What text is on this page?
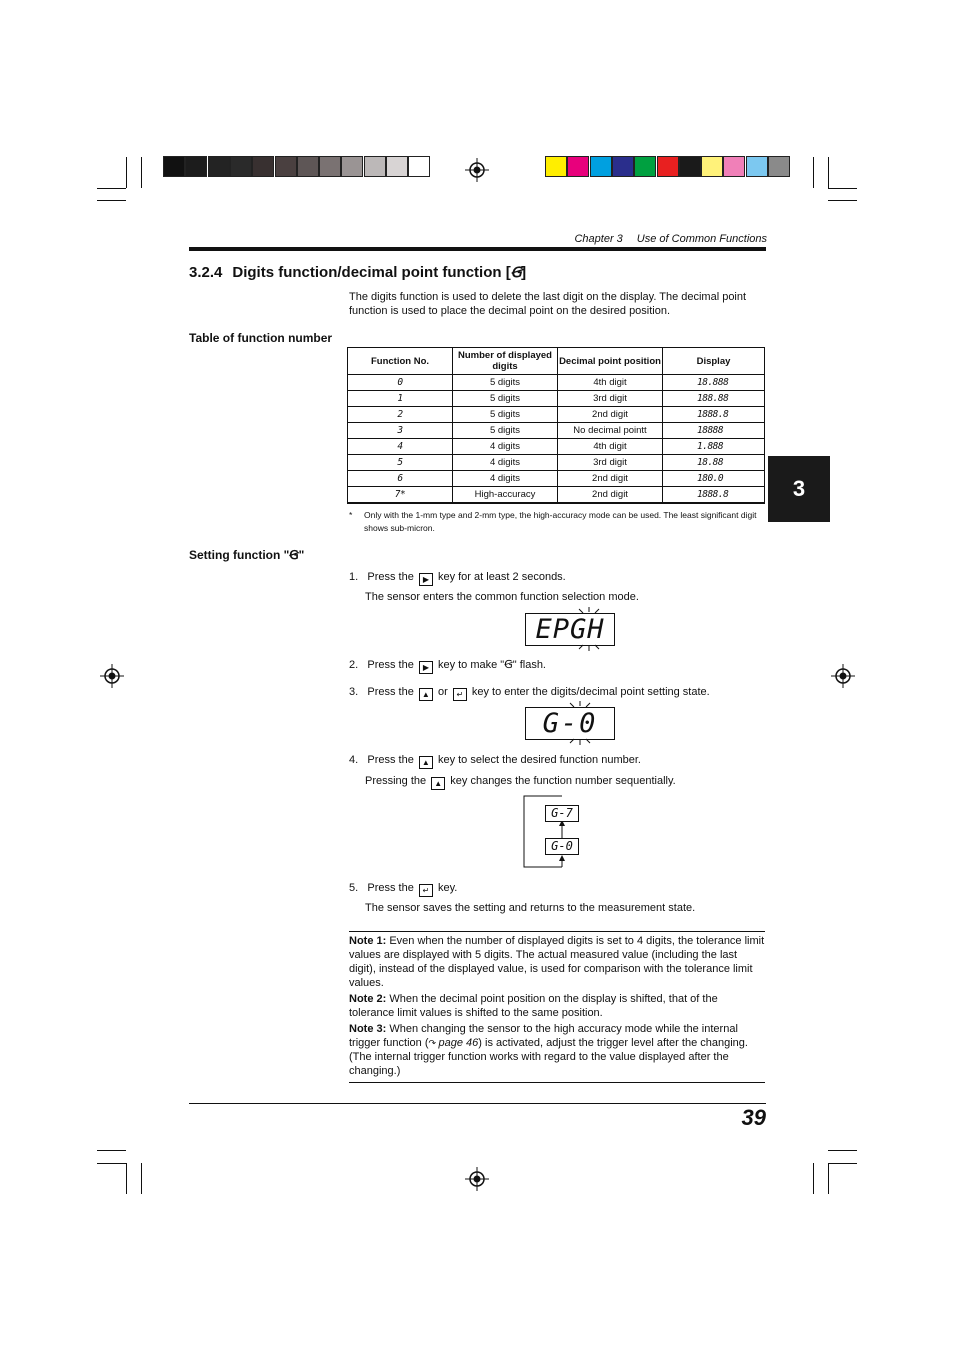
Chapter 3 Use of Common Functions
3.2.4 Digits function/decimal point function [Ꞡ]
The digits function is used to delete the last digit on the display. The decimal point function is used to place the decimal point on the desired position.
Table of function number
Function No.	Number of displayed digits	Decimal point position	Display
0	5 digits	4th digit	18.888
1	5 digits	3rd digit	188.88
2	5 digits	2nd digit	1888.8
3	5 digits	No decimal pointt	18888
4	4 digits	4th digit	1.888
5	4 digits	3rd digit	18.88
6	4 digits	2nd digit	180.0
7*	High-accuracy	2nd digit	1888.8
* Only with the 1-mm type and 2-mm type, the high-accuracy mode can be used. The least significant digit shows sub-micron.
Setting function "Ꞡ"
1. Press the ▶ key for at least 2 seconds.
The sensor enters the common function selection mode.
EPGH
2. Press the ▶ key to make "Ꞡ" flash.
3. Press the ▲ or ↵ key to enter the digits/decimal point setting state.
G-0
4. Press the ▲ key to select the desired function number.
Pressing the ▲ key changes the function number sequentially.
G-7
G-0
5. Press the ↵ key.
The sensor saves the setting and returns to the measurement state.

Note 1: Even when the number of displayed digits is set to 4 digits, the tolerance limit values are displayed with 5 digits. The actual measured value (including the last digit), instead of the displayed value, is used for comparison with the tolerance limit values.

Note 2: When the decimal point position on the display is shifted, that of the tolerance limit values is shifted to the same position.

Note 3: When changing the sensor to the high accuracy mode while the internal trigger function (↷ page 46) is activated, adjust the trigger level after the changing. (The internal trigger function works with regard to the value displayed after the changing.)

39
3
